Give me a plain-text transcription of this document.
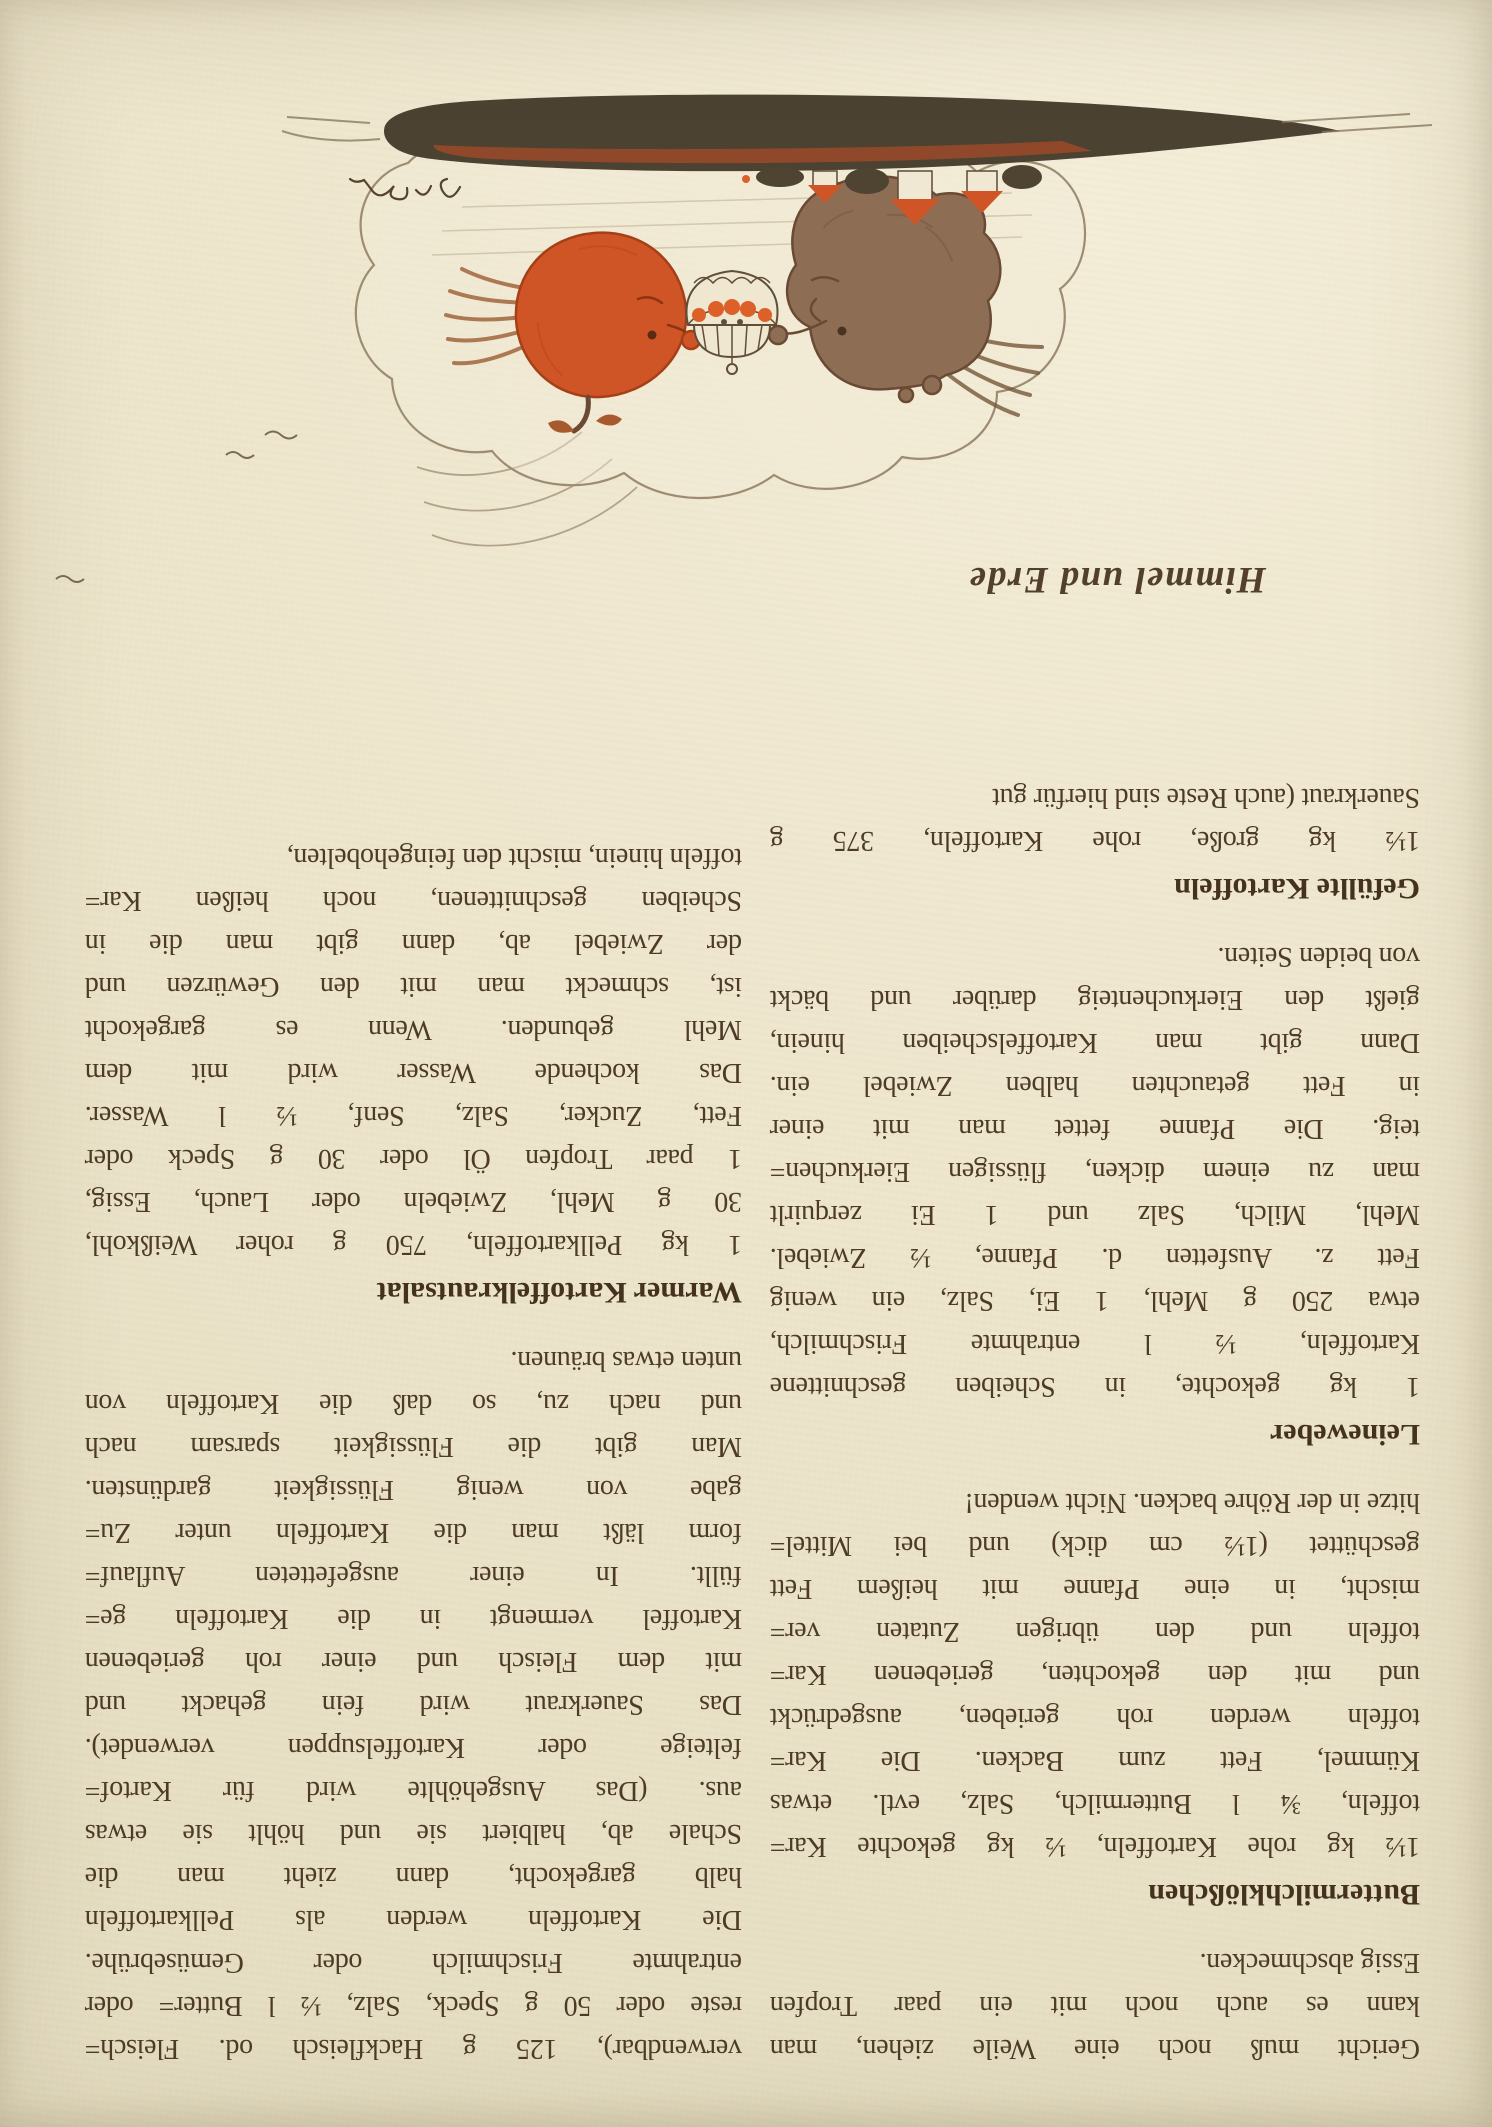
Gericht muß noch eine Weile ziehen, man
kann es auch noch mit ein paar Tropfen
Essig abschmecken.
Buttermilchklößchen
1½ kg rohe Kartoffeln, ½ kg gekochte Kar=
toffeln, ¾ l Buttermilch, Salz, evtl. etwas
Kümmel, Fett zum Backen. Die Kar=
toffeln werden roh gerieben, ausgedrückt
und mit den gekochten, geriebenen Kar=
toffeln und den übrigen Zutaten ver=
mischt, in eine Pfanne mit heißem Fett
geschüttet (1½ cm dick) und bei Mittel=
hitze in der Röhre backen. Nicht wenden!
Leineweber
1 kg gekochte, in Scheiben geschnittene
Kartoffeln, ½ l entrahmte Frischmilch,
etwa 250 g Mehl, 1 Ei, Salz, ein wenig
Fett z. Ausfetten d. Pfanne, ½ Zwiebel.
Mehl, Milch, Salz und 1 Ei zerquirlt
man zu einem dicken, flüssigen Eierkuchen=
teig. Die Pfanne fettet man mit einer
in Fett getauchten halben Zwiebel ein.
Dann gibt man Kartoffelscheiben hinein,
gießt den Eierkuchenteig darüber und bäckt
von beiden Seiten.
Gefüllte Kartoffeln
1½ kg große, rohe Kartoffeln, 375 g
Sauerkraut (auch Reste sind hierfür gut
verwendbar), 125 g Hackfleisch od. Fleisch=
reste oder 50 g Speck, Salz, ½ l Butter= oder
entrahmte Frischmilch oder Gemüsebrühe.
Die Kartoffeln werden als Pellkartoffeln
halb gargekocht, dann zieht man die
Schale ab, halbiert sie und höhlt sie etwas
aus. (Das Ausgehöhlte wird für Kartof=
felteige oder Kartoffelsuppen verwendet).
Das Sauerkraut wird fein gehackt und
mit dem Fleisch und einer roh geriebenen
Kartoffel vermengt in die Kartoffeln ge=
füllt. In einer ausgefetteten Auflauf=
form läßt man die Kartoffeln unter Zu=
gabe von wenig Flüssigkeit gardünsten.
Man gibt die Flüssigkeit sparsam nach
und nach zu, so daß die Kartoffeln von
unten etwas bräunen.
Warmer Kartoffelkrautsalat
1 kg Pellkartoffeln, 750 g roher Weißkohl,
30 g Mehl, Zwiebeln oder Lauch, Essig,
1 paar Tropfen Öl oder 30 g Speck oder
Fett, Zucker, Salz, Senf, ½ l Wasser.
Das kochende Wasser wird mit dem
Mehl gebunden. Wenn es gargekocht
ist, schmeckt man mit den Gewürzen und
der Zwiebel ab, dann gibt man die in
Scheiben geschnittenen, noch heißen Kar=
toffeln hinein, mischt den feingehobelten,
Himmel und Erde
